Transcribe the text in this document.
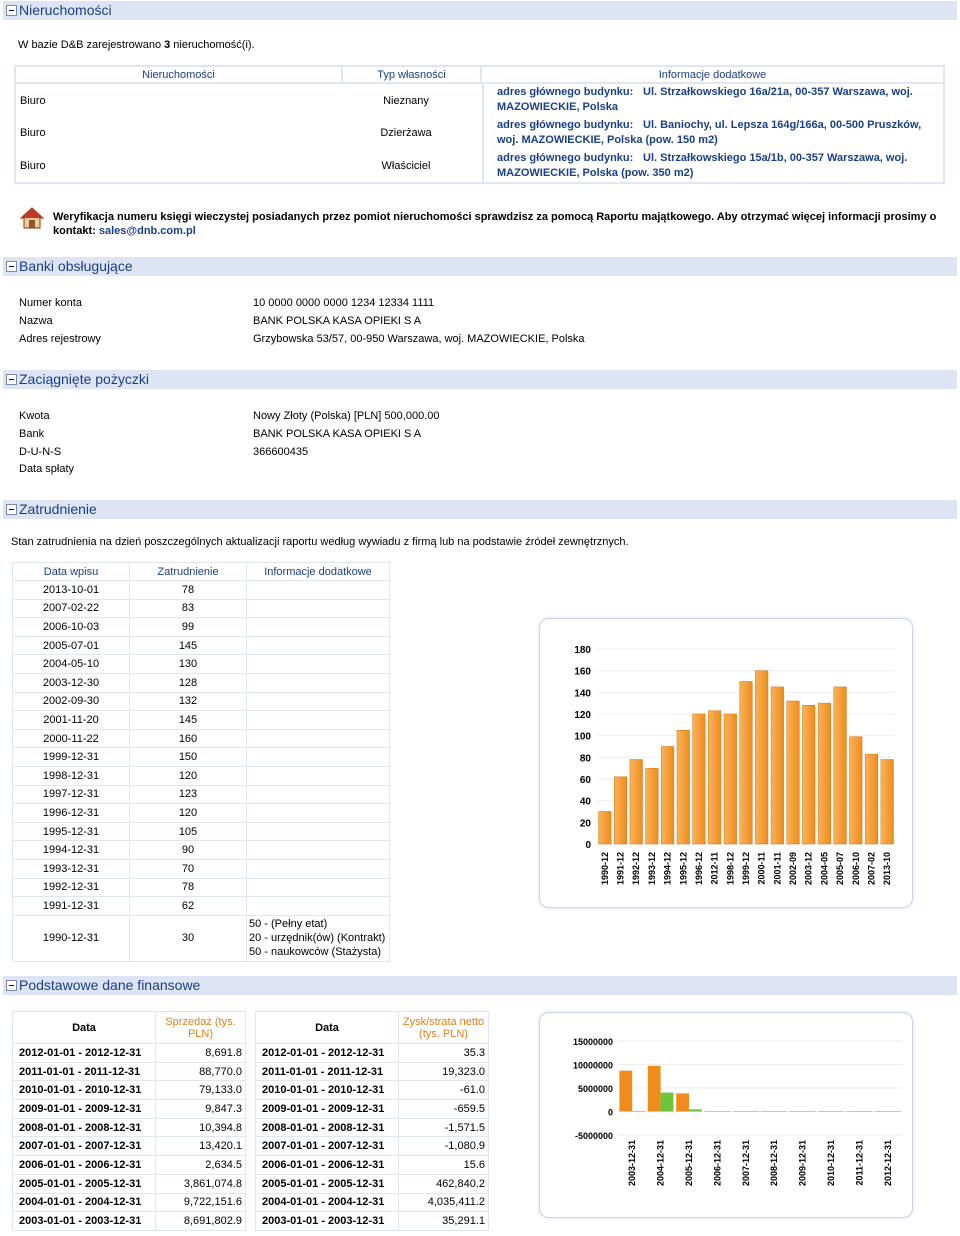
Nieruchomości
W bazie D&B zarejestrowano 3 nieruchomość(i).
Nieruchomości	Typ własności	Informacje dodatkowe
Biuro	Nieznany
adres głównego budynku: Ul. Strzałkowskiego 16a/21a, 00-357 Warszawa, woj.
MAZOWIECKIE, Polska
Biuro	Dzierżawa
adres głównego budynku: Ul. Baniochy, ul. Lepsza 164g/166a, 00-500 Pruszków,
woj. MAZOWIECKIE, Polska (pow. 150 m2)
Biuro	Właściciel
adres głównego budynku: Ul. Strzałkowskiego 15a/1b, 00-357 Warszawa, woj.
MAZOWIECKIE, Polska (pow. 350 m2)
Weryfikacja numeru księgi wieczystej posiadanych przez pomiot nieruchomości sprawdzisz za pomocą Raportu majątkowego. Aby otrzymać więcej informacji prosimy o
kontakt: sales@dnb.com.pl
Banki obsługujące
Numer konta	10 0000 0000 0000 1234 12334 1111
Nazwa	BANK POLSKA KASA OPIEKI S A
Adres rejestrowy	Grzybowska 53/57, 00-950 Warszawa, woj. MAZOWIECKIE, Polska
Zaciągnięte pożyczki
Kwota	Nowy Złoty (Polska) [PLN] 500,000.00
Bank	BANK POLSKA KASA OPIEKI S A
D-U-N-S	366600435
Data spłaty
Zatrudnienie
Stan zatrudnienia na dzień poszczególnych aktualizacji raportu według wywiadu z firmą lub na podstawie źródeł zewnętrznych.
Data wpisu	Zatrudnienie	Informacje dodatkowe
2013-10-01	78	
2007-02-22	83	
2006-10-03	99	
2005-07-01	145	
2004-05-10	130	
2003-12-30	128	
2002-09-30	132	
2001-11-20	145	
2000-11-22	160	
1999-12-31	150	
1998-12-31	120	
1997-12-31	123	
1996-12-31	120	
1995-12-31	105	
1994-12-31	90	
1993-12-31	70	
1992-12-31	78	
1991-12-31	62	
1990-12-31	30	50 - (Pełny etat)
20 - urzędnik(ów) (Kontrakt)
50 - naukowców (Stażysta)
0
20
40
60
80
100
120
140
160
180
1990-12 1991-12 1992-12 1993-12 1994-12 1995-12 1996-12 2012-11 1998-12 1999-12 2000-11 2001-11 2002-09 2003-12 2004-05 2005-07 2006-10 2007-02 2013-10
Podstawowe dane finansowe
Data	Sprzedaż (tys. PLN)
2012-01-01 - 2012-12-31	8,691.8
2011-01-01 - 2011-12-31	88,770.0
2010-01-01 - 2010-12-31	79,133.0
2009-01-01 - 2009-12-31	9,847.3
2008-01-01 - 2008-12-31	10,394.8
2007-01-01 - 2007-12-31	13,420.1
2006-01-01 - 2006-12-31	2,634.5
2005-01-01 - 2005-12-31	3,861,074.8
2004-01-01 - 2004-12-31	9,722,151.6
2003-01-01 - 2003-12-31	8,691,802.9
Data	Zysk/strata netto (tys. PLN)
2012-01-01 - 2012-12-31	35.3
2011-01-01 - 2011-12-31	19,323.0
2010-01-01 - 2010-12-31	-61.0
2009-01-01 - 2009-12-31	-659.5
2008-01-01 - 2008-12-31	-1,571.5
2007-01-01 - 2007-12-31	-1,080.9
2006-01-01 - 2006-12-31	15.6
2005-01-01 - 2005-12-31	462,840.2
2004-01-01 - 2004-12-31	4,035,411.2
2003-01-01 - 2003-12-31	35,291.1
-5000000
0
5000000
10000000
15000000
2003-12-31 2004-12-31 2005-12-31 2006-12-31 2007-12-31 2008-12-31 2009-12-31 2010-12-31 2011-12-31 2012-12-31
